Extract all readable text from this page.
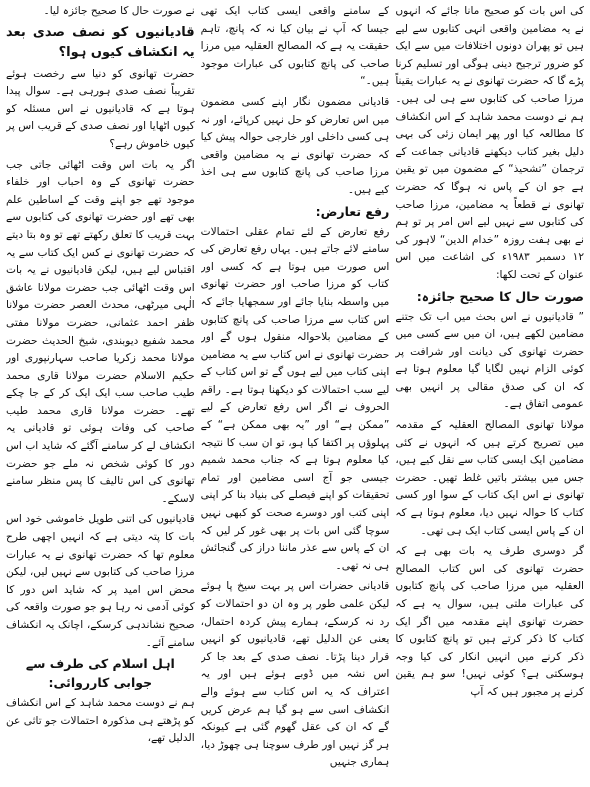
کی اس بات کو صحیح مانا جائے کہ انہوں نے یہ مضامین واقعی انہی کتابوں سے لیے ہیں تو پھران دونوں اختلافات میں سے ایک کو ضرور ترجیح دینی ہوگی اور تسلیم کرنا پڑے گا کہ حضرت تھانوی نے یہ عبارات یقیناً مرزا صاحب کی کتابوں سے ہی لی ہیں۔ ہم نے دوست محمد شاہد کے اس انکشاف کا مطالعہ کیا اور پھر ایمان زئی کی بہی دلیل بغیر کتاب دیکھنے قادیانی جماعت کے ترجمان ”تشحیذ“ کے مضمون میں تو یقین ہے جو ان کے پاس نہ ہوگا کہ حضرت تھانوی نے قطعاً یہ مضامین، مرزا صاحب کی کتابوں سے نہیں لیے اس امر پر تو ہم نے بھی ہفت روزہ ”خدام الدین“ لاہور کی ۱۲ دسمبر ۱۹۸۳ء کی اشاعت میں اس عنوان کے تحت لکھا:

صورت حال کا صحیح جائزہ:

” قادیانیوں نے اس بحث میں اب تک جتنے مضامین لکھے ہیں، ان میں سے کسی میں حضرت تھانوی کی دیانت اور شرافت پر کوئی الزام نہیں لگایا گیا معلوم ہوتا ہے کہ ان کی صدق مقالی پر انہیں بھی عمومی اتفاق ہے۔

مولانا تھانوی المصالح العقلیہ کے مقدمہ میں تصریح کرتے ہیں کہ انہوں نے کئی مضامین ایک ایسی کتاب سے نقل کیے ہیں، جس میں بیشتر باتیں غلط تھیں۔ حضرت تھانوی نے اس ایک کتاب کے سوا اور کسی کتاب کا حوالہ نہیں دیا، معلوم ہوتا ہے کہ ان کے پاس ایسی کتاب ایک ہی تھی۔

گر دوسری طرف یہ بات بھی ہے کہ حضرت تھانوی کی اس کتاب المصالح العقلیہ میں مرزا صاحب کی پانچ کتابوں کی عبارات ملتی ہیں، سوال یہ ہے کہ حضرت تھانوی اپنے مقدمہ میں اگر ایک کتاب کا ذکر کرتے ہیں تو پانچ کتابوں کا ذکر کرنے میں انہیں انکار کی کیا وجہ ہوسکتی ہے؟ کوئی نہیں! سو ہم یقین کرنے پر مجبور ہیں کہ آپ

کے سامنے واقعی ایسی کتاب ایک تھی جیسا کہ آپ نے بیان کیا نہ کہ پانچ، تاہم حقیقت یہ ہے کہ المصالح العقلیہ میں مرزا صاحب کی پانچ کتابوں کی عبارات موجود ہیں۔“

قادیانی مضمون نگار اپنے کسی مضمون میں اس تعارض کو حل نہیں کرپائے، اور نہ ہی کسی داخلی اور خارجی حوالہ پیش کیا کہ حضرت تھانوی نے یہ مضامین واقعی مرزا صاحب کی پانچ کتابوں سے ہی اخذ کیے ہیں۔

رفع تعارض:

رفع تعارض کے لئے تمام عقلی احتمالات سامنے لائے جاتے ہیں۔ یہاں رفع تعارض کی اس صورت میں ہوتا ہے کہ کسی اور کتاب کو مرزا صاحب اور حضرت تھانوی میں واسطہ بنایا جائے اور سمجھایا جائے کہ اس کتاب سے مرزا صاحب کی پانچ کتابوں کے مضامین بلاحوالہ منقول ہوں گے اور حضرت تھانوی نے اس کتاب سے یہ مضامین اپنی کتاب میں لیے ہوں گے تو اس کتاب کے لیے سب احتمالات کو دیکھنا ہوتا ہے۔ راقم الحروف نے اگر اس رفع تعارض کے لیے ”ممکن ہے“ اور ”یہ بھی ممکن ہے“ کے پہلوؤں پر اکتفا کیا ہو، تو ان سب کا نتیجہ کیا معلوم ہوتا ہے کہ جناب محمد شمیم جیسی جو آج اسی مضامین اور تمام تحقیقات کو اپنے فیصلے کی بنیاد بنا کر اپنی اپنی کتب اور دوسرے صحت کو کبھی نہیں سوچا گئی اس بات پر بھی غور کر لیں کہ ان کے پاس سے عذر ماننا دراز کی گنجائش ہی نہ تھی۔

قادیانی حضرات اس پر بہت سیخ پا ہوئے لیکن علمی طور پر وہ ان دو احتمالات کو رد نہ کرسکے، ہمارے پیش کردہ احتمال، یعنی عن الدلیل تھے، قادیانیوں کو انہیں قرار دینا پڑتا۔ نصف صدی کے بعد جا کر اس نشہ میں ڈوبے ہوئے ہیں اور یہ اعتراف کہ یہ اس کتاب سے ہوئے والے انکشاف اسی سے ہو گیا ہم عرض کریں گے کہ ان کی عقل گھوم گئی ہے کیونکہ ہر گز نہیں اور طرف سوچنا ہی چھوڑ دیا، ہماری جنہیں

نے صورت حال کا صحیح جائزہ لیا۔

قادیانیوں کو نصف صدی بعد یہ انکشاف کیوں ہوا؟

حضرت تھانوی کو دنیا سے رخصت ہوئے تقریباً نصف صدی ہورہی ہے۔ سوال پیدا ہوتا ہے کہ قادیانیوں نے اس مسئلہ کو کیوں اٹھایا اور نصف صدی کے قریب اس پر کیوں خاموش رہے؟

اگر یہ بات اس وقت اٹھائی جاتی جب حضرت تھانوی کے وہ احباب اور خلفاء موجود تھے جو اپنے وقت کے اساطین علم بھی تھے اور حضرت تھانوی کی کتابوں سے بہت قریب کا تعلق رکھتے تھے تو وہ بتا دیتے کہ حضرت تھانوی نے کس ایک کتاب سے یہ اقتباس لیے ہیں، لیکن قادیانیوں نے یہ بات اس وقت اٹھائی جب حضرت مولانا عاشق الٰہی میرٹھی، محدث العصر حضرت مولانا ظفر احمد عثمانی، حضرت مولانا مفتی محمد شفیع دیوبندی، شیخ الحدیث حضرت مولانا محمد زکریا صاحب سہارنپوری اور حکیم الاسلام حضرت مولانا قاری محمد طیب صاحب سب ایک ایک کر کے جا چکے تھے۔ حضرت مولانا قاری محمد طیب صاحب کی وفات ہوئی تو قادیانی یہ انکشاف لے کر سامنے آگئے کہ شاید اب اس دور کا کوئی شخص نہ ملے جو حضرت تھانوی کی اس تالیف کا پس منظر سامنے لاسکے۔

قادیانیوں کی اتنی طویل خاموشی خود اس بات کا پتہ دیتی ہے کہ انہیں اچھی طرح معلوم تھا کہ حضرت تھانوی نے یہ عبارات مرزا صاحب کی کتابوں سے نہیں لیں، لیکن محض اس امید پر کہ شاید اس دور کا کوئی آدمی نہ رہا ہو جو صورت واقعہ کی صحیح نشاندہی کرسکے، اچانک یہ انکشاف سامنے آئے۔

اہل اسلام کی طرف سے جوابی کارروائی:

ہم نے دوست محمد شاہد کے اس انکشاف کو پڑھتے ہی مذکورہ احتمالات جو تاثی عن الدلیل تھے،
